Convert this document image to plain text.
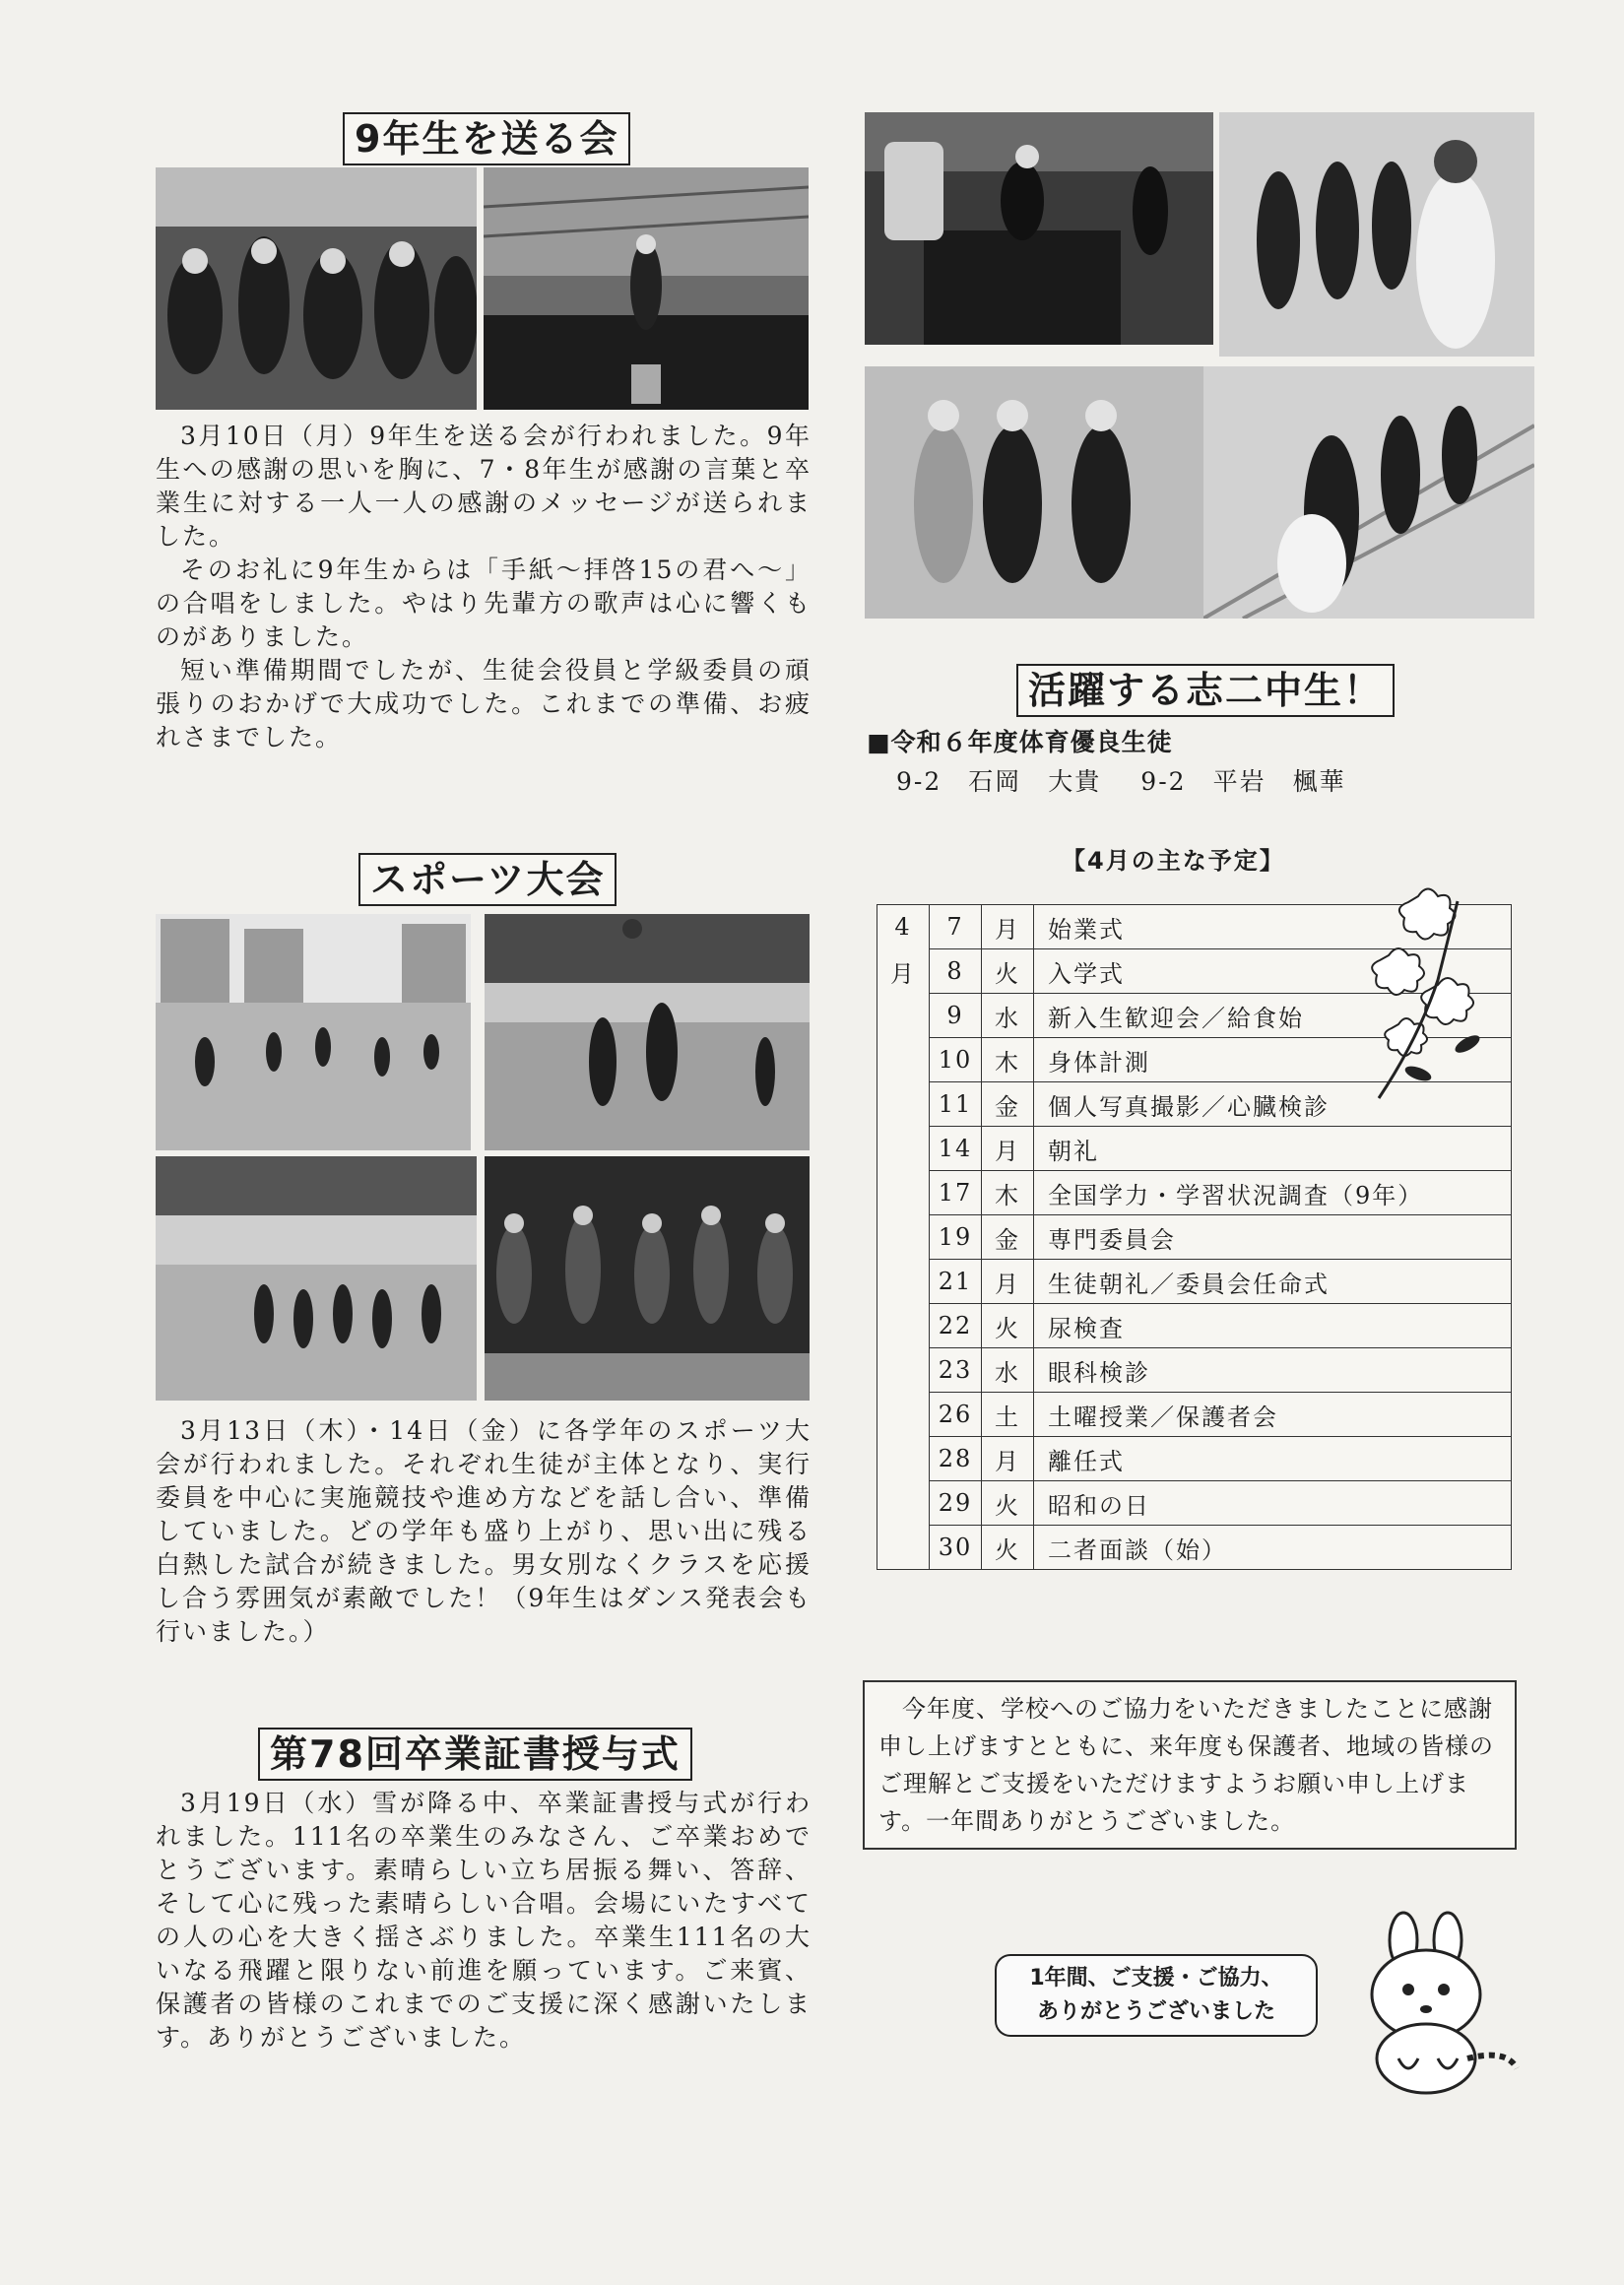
9年生を送る会

3月10日（月）9年生を送る会が行われました。9年生への感謝の思いを胸に、7・8年生が感謝の言葉と卒業生に対する一人一人の感謝のメッセージが送られました。

そのお礼に9年生からは「手紙～拝啓15の君へ～」の合唱をしました。やはり先輩方の歌声は心に響くものがありました。

短い準備期間でしたが、生徒会役員と学級委員の頑張りのおかげで大成功でした。これまでの準備、お疲れさまでした。

スポーツ大会

3月13日（木）・14日（金）に各学年のスポーツ大会が行われました。それぞれ生徒が主体となり、実行委員を中心に実施競技や進め方などを話し合い、準備していました。どの学年も盛り上がり、思い出に残る白熱した試合が続きました。男女別なくクラスを応援し合う雰囲気が素敵でした！（9年生はダンス発表会も行いました。）

第78回卒業証書授与式

3月19日（水）雪が降る中、卒業証書授与式が行われました。111名の卒業生のみなさん、ご卒業おめでとうございます。素晴らしい立ち居振る舞い、答辞、そして心に残った素晴らしい合唱。会場にいたすべての人の心を大きく揺さぶりました。卒業生111名の大いなる飛躍と限りない前進を願っています。ご来賓、保護者の皆様のこれまでのご支援に深く感謝いたします。ありがとうございました。

活躍する志二中生！
■令和６年度体育優良生徒
9-2　 石岡　大貴 9-2　 平岩　楓華
【4月の主な予定】
4	7	月	始業式
月	8	火	入学式
	9	水	新入生歓迎会／給食始
	10	木	身体計測
	11	金	個人写真撮影／心臓検診
	14	月	朝礼
	17	木	全国学力・学習状況調査（9年）
	19	金	専門委員会
	21	月	生徒朝礼／委員会任命式
	22	火	尿検査
	23	水	眼科検診
	26	土	土曜授業／保護者会
	28	月	離任式
	29	火	昭和の日
	30	火	二者面談（始）

今年度、学校へのご協力をいただきましたことに感謝申し上げますとともに、来年度も保護者、地域の皆様のご理解とご支援をいただけますようお願い申し上げます。一年間ありがとうございました。

1年間、ご支援・ご協力、
ありがとうございました
